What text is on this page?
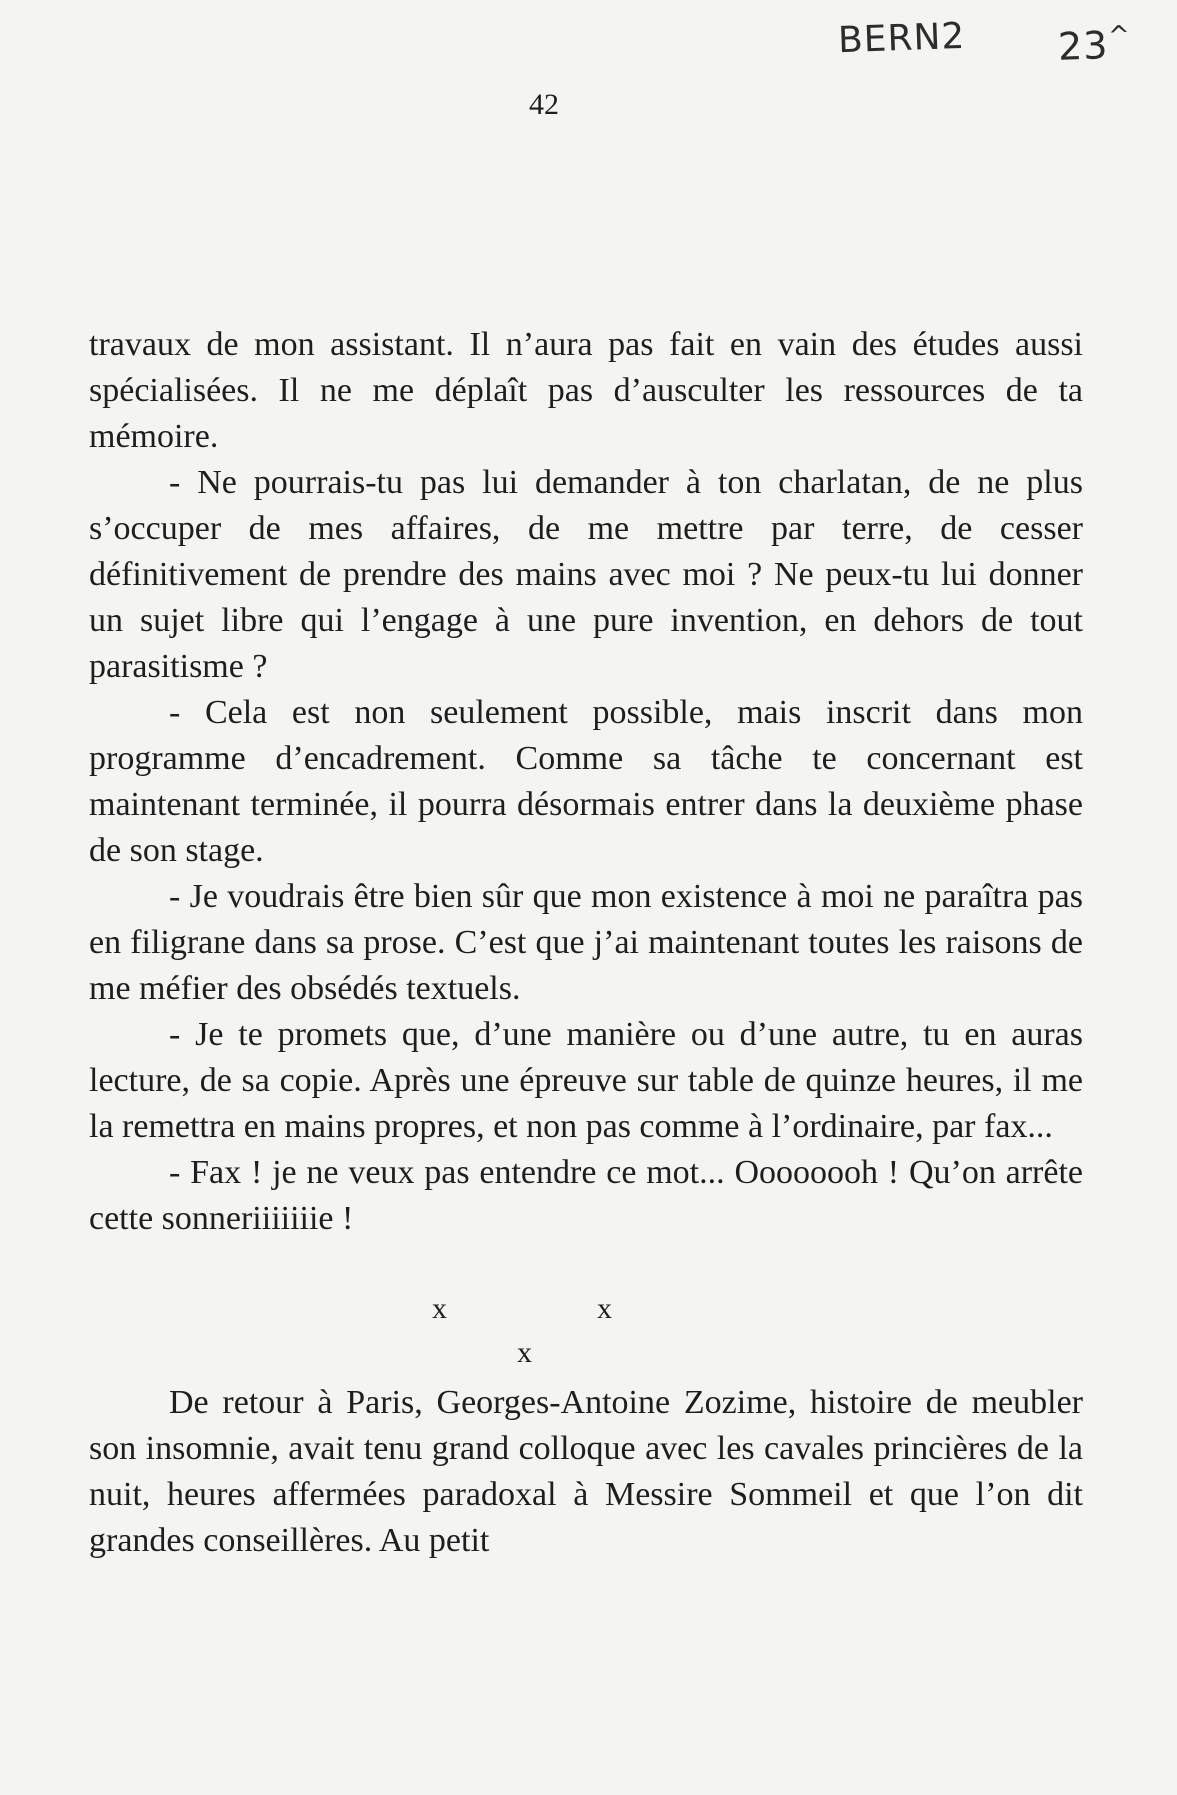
BERN2 23^
42

travaux de mon assistant. Il n’aura pas fait en vain des études aussi spécialisées. Il ne me déplaît pas d’ausculter les ressources de ta mémoire.

- Ne pourrais-tu pas lui demander à ton charlatan, de ne plus s’occuper de mes affaires, de me mettre par terre, de cesser définitivement de prendre des mains avec moi ? Ne peux-tu lui donner un sujet libre qui l’engage à une pure invention, en dehors de tout parasitisme ?

- Cela est non seulement possible, mais inscrit dans mon programme d’encadrement. Comme sa tâche te concernant est maintenant terminée, il pourra désormais entrer dans la deuxième phase de son stage.

- Je voudrais être bien sûr que mon existence à moi ne paraîtra pas en filigrane dans sa prose. C’est que j’ai maintenant toutes les raisons de me méfier des obsédés textuels.

- Je te promets que, d’une manière ou d’une autre, tu en auras lecture, de sa copie. Après une épreuve sur table de quinze heures, il me la remettra en mains propres, et non pas comme à l’ordinaire, par fax...

- Fax ! je ne veux pas entendre ce mot... Oooooooh ! Qu’on arrête cette sonneriiiiiiie !

x	x
x

De retour à Paris, Georges-Antoine Zozime, histoire de meubler son insomnie, avait tenu grand colloque avec les cavales princières de la nuit, heures affermées paradoxal à Messire Sommeil et que l’on dit grandes conseillères. Au petit
